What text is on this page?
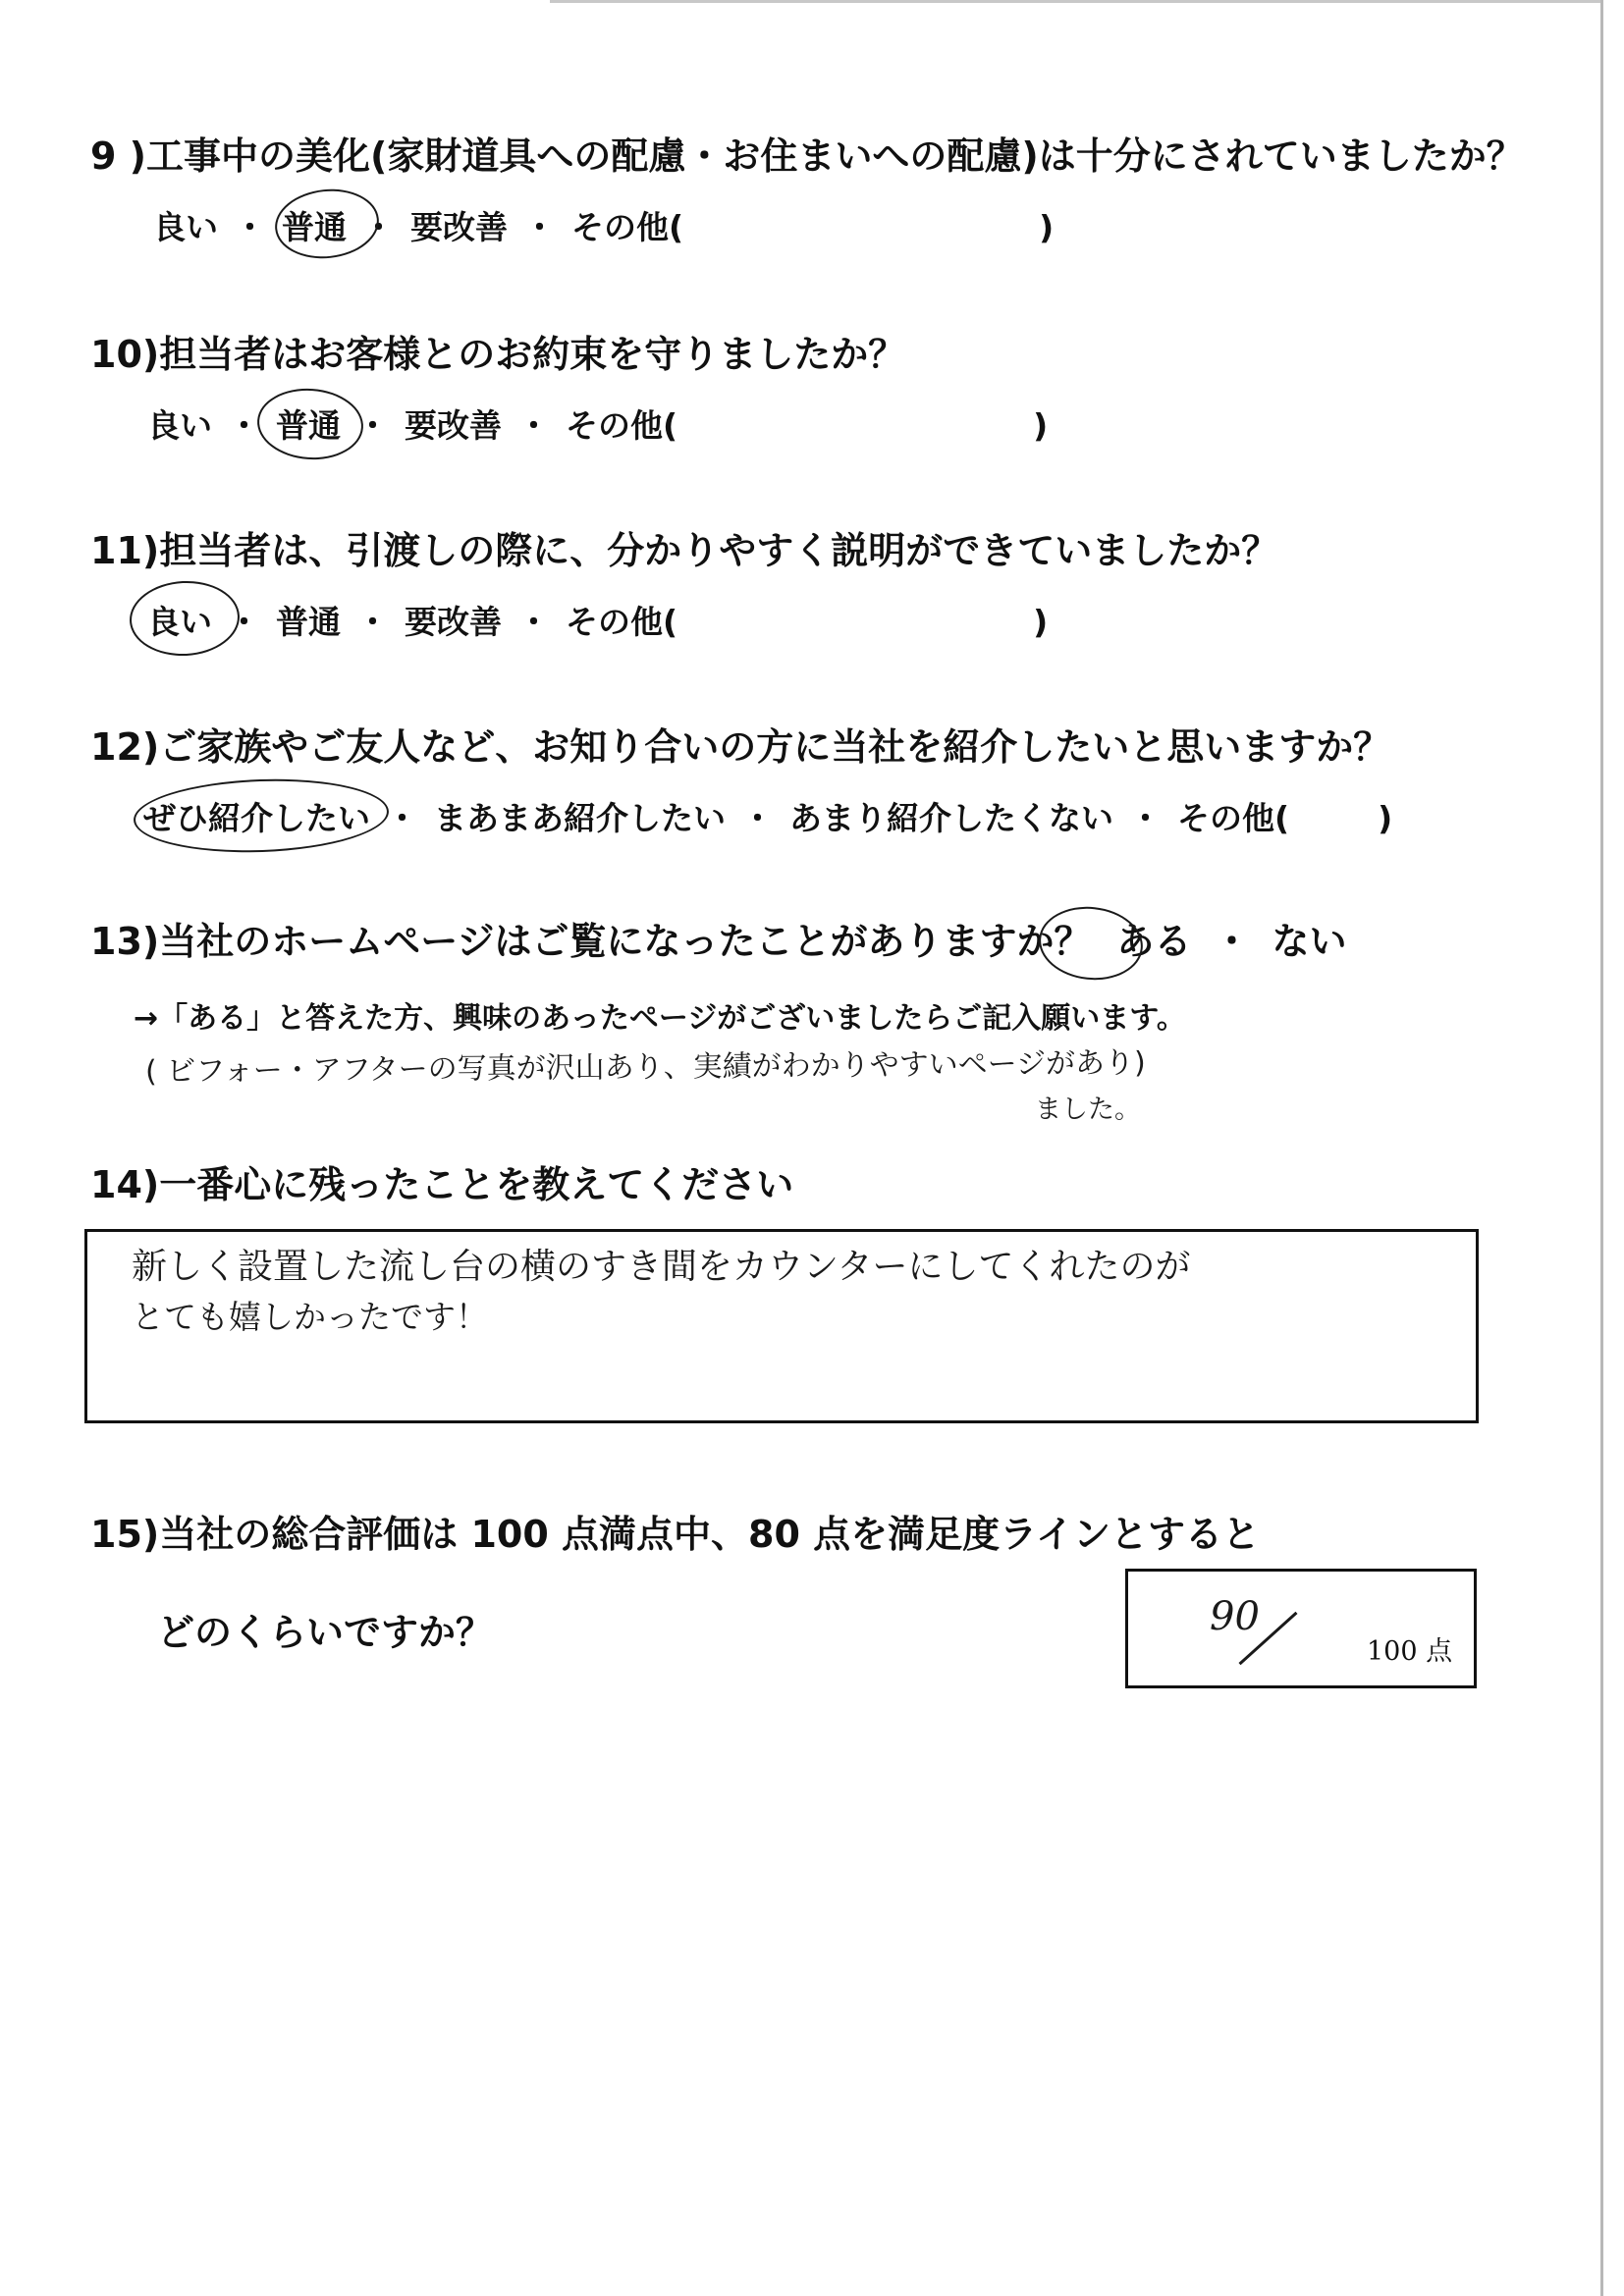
9 )工事中の美化(家財道具への配慮・お住まいへの配慮)は十分にされていましたか？
良い ・ 普通 ・ 要改善 ・ その他(	)
10)担当者はお客様とのお約束を守りましたか？
良い ・ 普通 ・ 要改善 ・ その他(	)
11)担当者は、引渡しの際に、分かりやすく説明ができていましたか？
良い ・ 普通 ・ 要改善 ・ その他(	)
12)ご家族やご友人など、お知り合いの方に当社を紹介したいと思いますか？
ぜひ紹介したい ・ まあまあ紹介したい ・ あまり紹介したくない ・ その他(	)
13)当社のホームページはご覧になったことがありますか？ ある ・ ない
→「ある」と答えた方、興味のあったページがございましたらご記入願います。
( ビフォー・アフターの写真が沢山あり、実績がわかりやすいページがあり)
ました。
14)一番心に残ったことを教えてください
新しく設置した流し台の横のすき間をカウンターにしてくれたのが
とても嬉しかったです！
15)当社の総合評価は 100 点満点中、80 点を満足度ラインとすると
どのくらいですか？	90
100 点
